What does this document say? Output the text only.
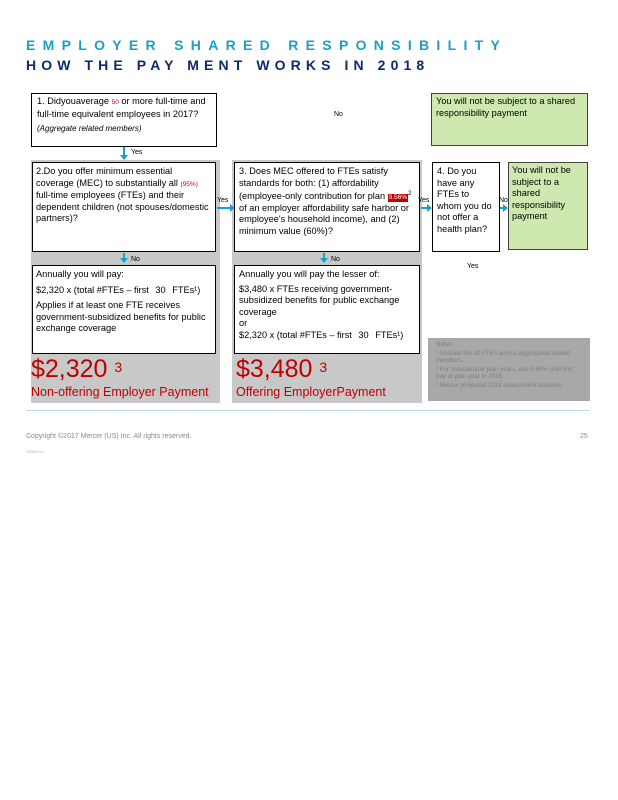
EMPLOYER SHARED RESPONSIBILITY
HOW THE PAY MENT WORKS IN 2018
1. Didyouaverage 50 or more full-time and full-time equivalent employees in 2017?
(Aggregate related members)
No
You will not be subject to a shared responsibility payment
Yes
2.Do you offer minimum essential coverage (MEC) to substantially all (95%) full-time employees (FTEs) and their dependent children (not spouses/domestic partners)?
Yes
No
3. Does MEC offered to FTEs satisfy standards for both: (1) affordability (employee-only contribution for plan 9.56%$^2$ of an employer affordability safe harbor or employee's household income), and (2) minimum value (60%)?
Yes
No
4. Do you have any FTEs to whom you do not offer a health plan?
Yes
No
You will not be subject to a shared responsibility payment
Annually you will pay:
$2,320 x (total #FTEs – first 30 FTEs¹)
Applies if at least one FTE receives government-subsidized benefits for public exchange coverage
Annually you will pay the lesser of:
$3,480 x FTEs receiving government-subsidized benefits for public exchange coverage
or
$2,320 x (total #FTEs – first 30 FTEs¹)
$2,320 $^3$
Non-offering Employer Payment
$3,480 $^3$
Offering EmployerPayment
Notes
¹ Allocate the 30 FTEs across aggregated related members.
² For noncalendar plan years, use 9.69% until first day of plan year in 2018.
³ Mercer projected 2018 assessment amounts.
Copyright ©2017 Mercer (US) Inc. All rights reserved.	25
15302014
